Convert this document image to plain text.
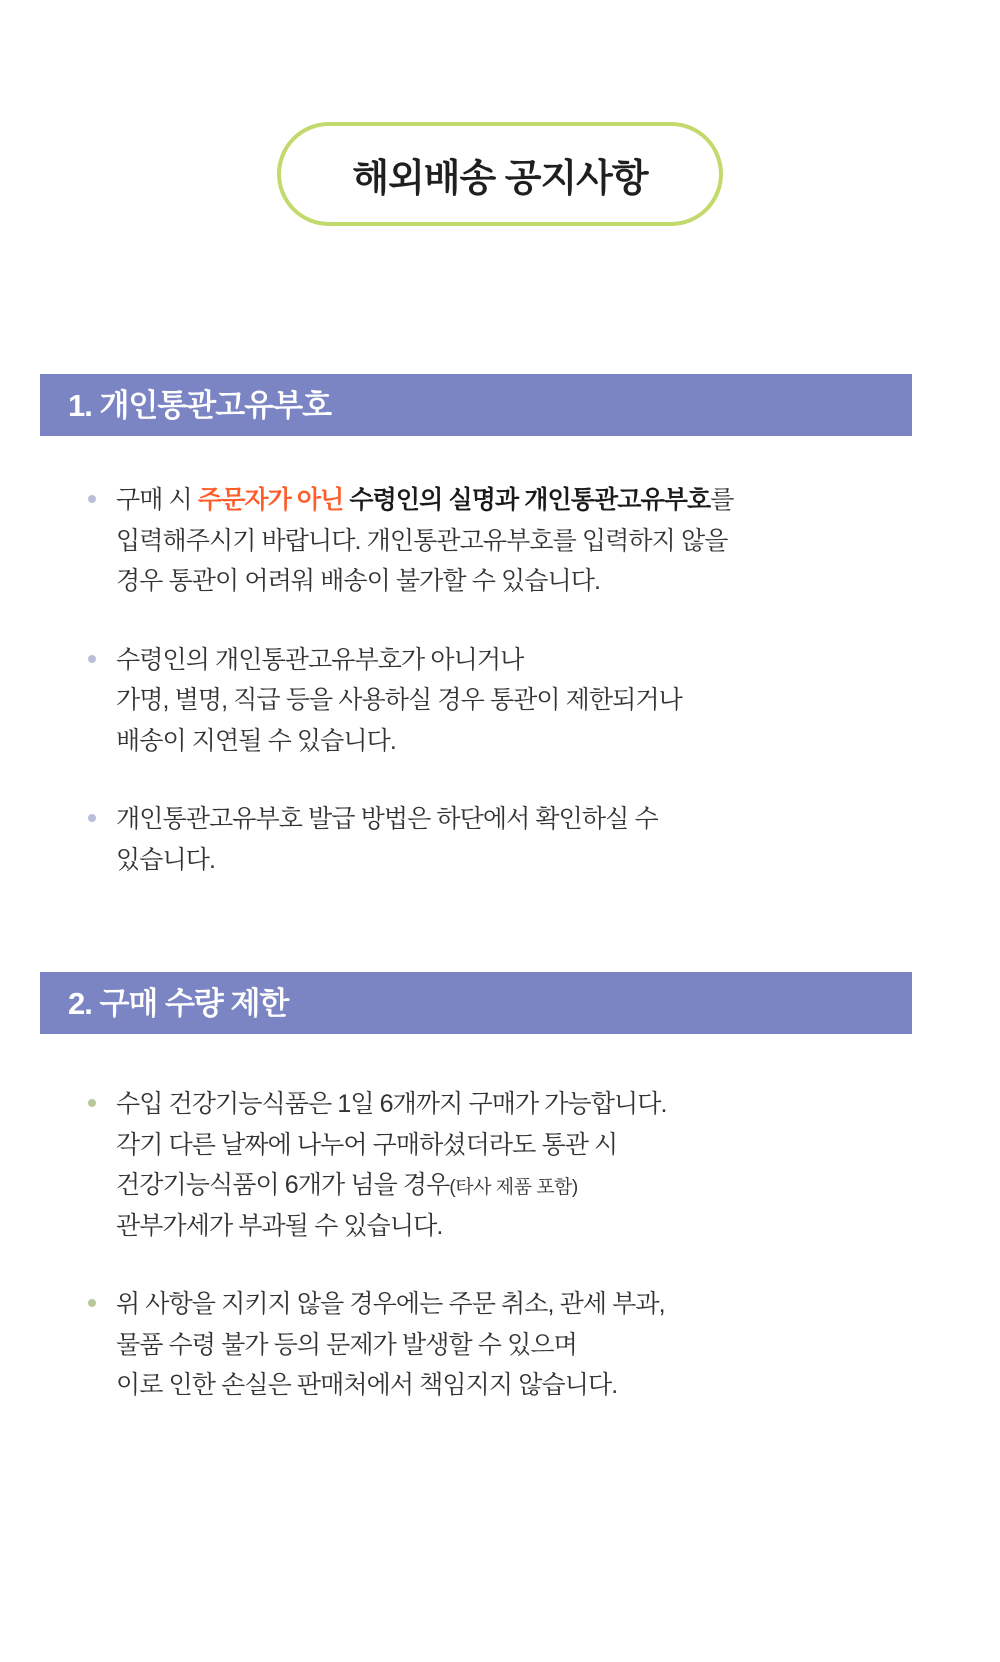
해외배송 공지사항
1. 개인통관고유부호
구매 시 주문자가 아닌 수령인의 실명과 개인통관고유부호를
입력해주시기 바랍니다. 개인통관고유부호를 입력하지 않을
경우 통관이 어려워 배송이 불가할 수 있습니다.
수령인의 개인통관고유부호가 아니거나
가명, 별명, 직급 등을 사용하실 경우 통관이 제한되거나
배송이 지연될 수 있습니다.
개인통관고유부호 발급 방법은 하단에서 확인하실 수
있습니다.
2. 구매 수량 제한
수입 건강기능식품은 1일 6개까지 구매가 가능합니다.
각기 다른 날짜에 나누어 구매하셨더라도 통관 시
건강기능식품이 6개가 넘을 경우(타사 제품 포함)
관부가세가 부과될 수 있습니다.
위 사항을 지키지 않을 경우에는 주문 취소, 관세 부과,
물품 수령 불가 등의 문제가 발생할 수 있으며
이로 인한 손실은 판매처에서 책임지지 않습니다.
